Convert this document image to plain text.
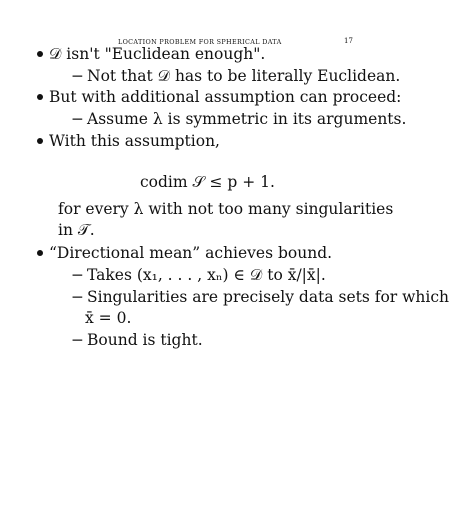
LOCATION PROBLEM FOR SPHERICAL DATA	17
𝒟 isn't "Euclidean enough".
− Not that 𝒟 has to be literally Euclidean.
But with additional assumption can proceed:
− Assume λ is symmetric in its arguments.
With this assumption,
codim 𝒮 ≤ p + 1.
for every λ with not too many singularities
in 𝒯.
“Directional mean” achieves bound.
− Takes (x₁, . . . , xₙ) ∈ 𝒟 to x̄/|x̄|.
− Singularities are precisely data sets for which
x̄ = 0.
− Bound is tight.
